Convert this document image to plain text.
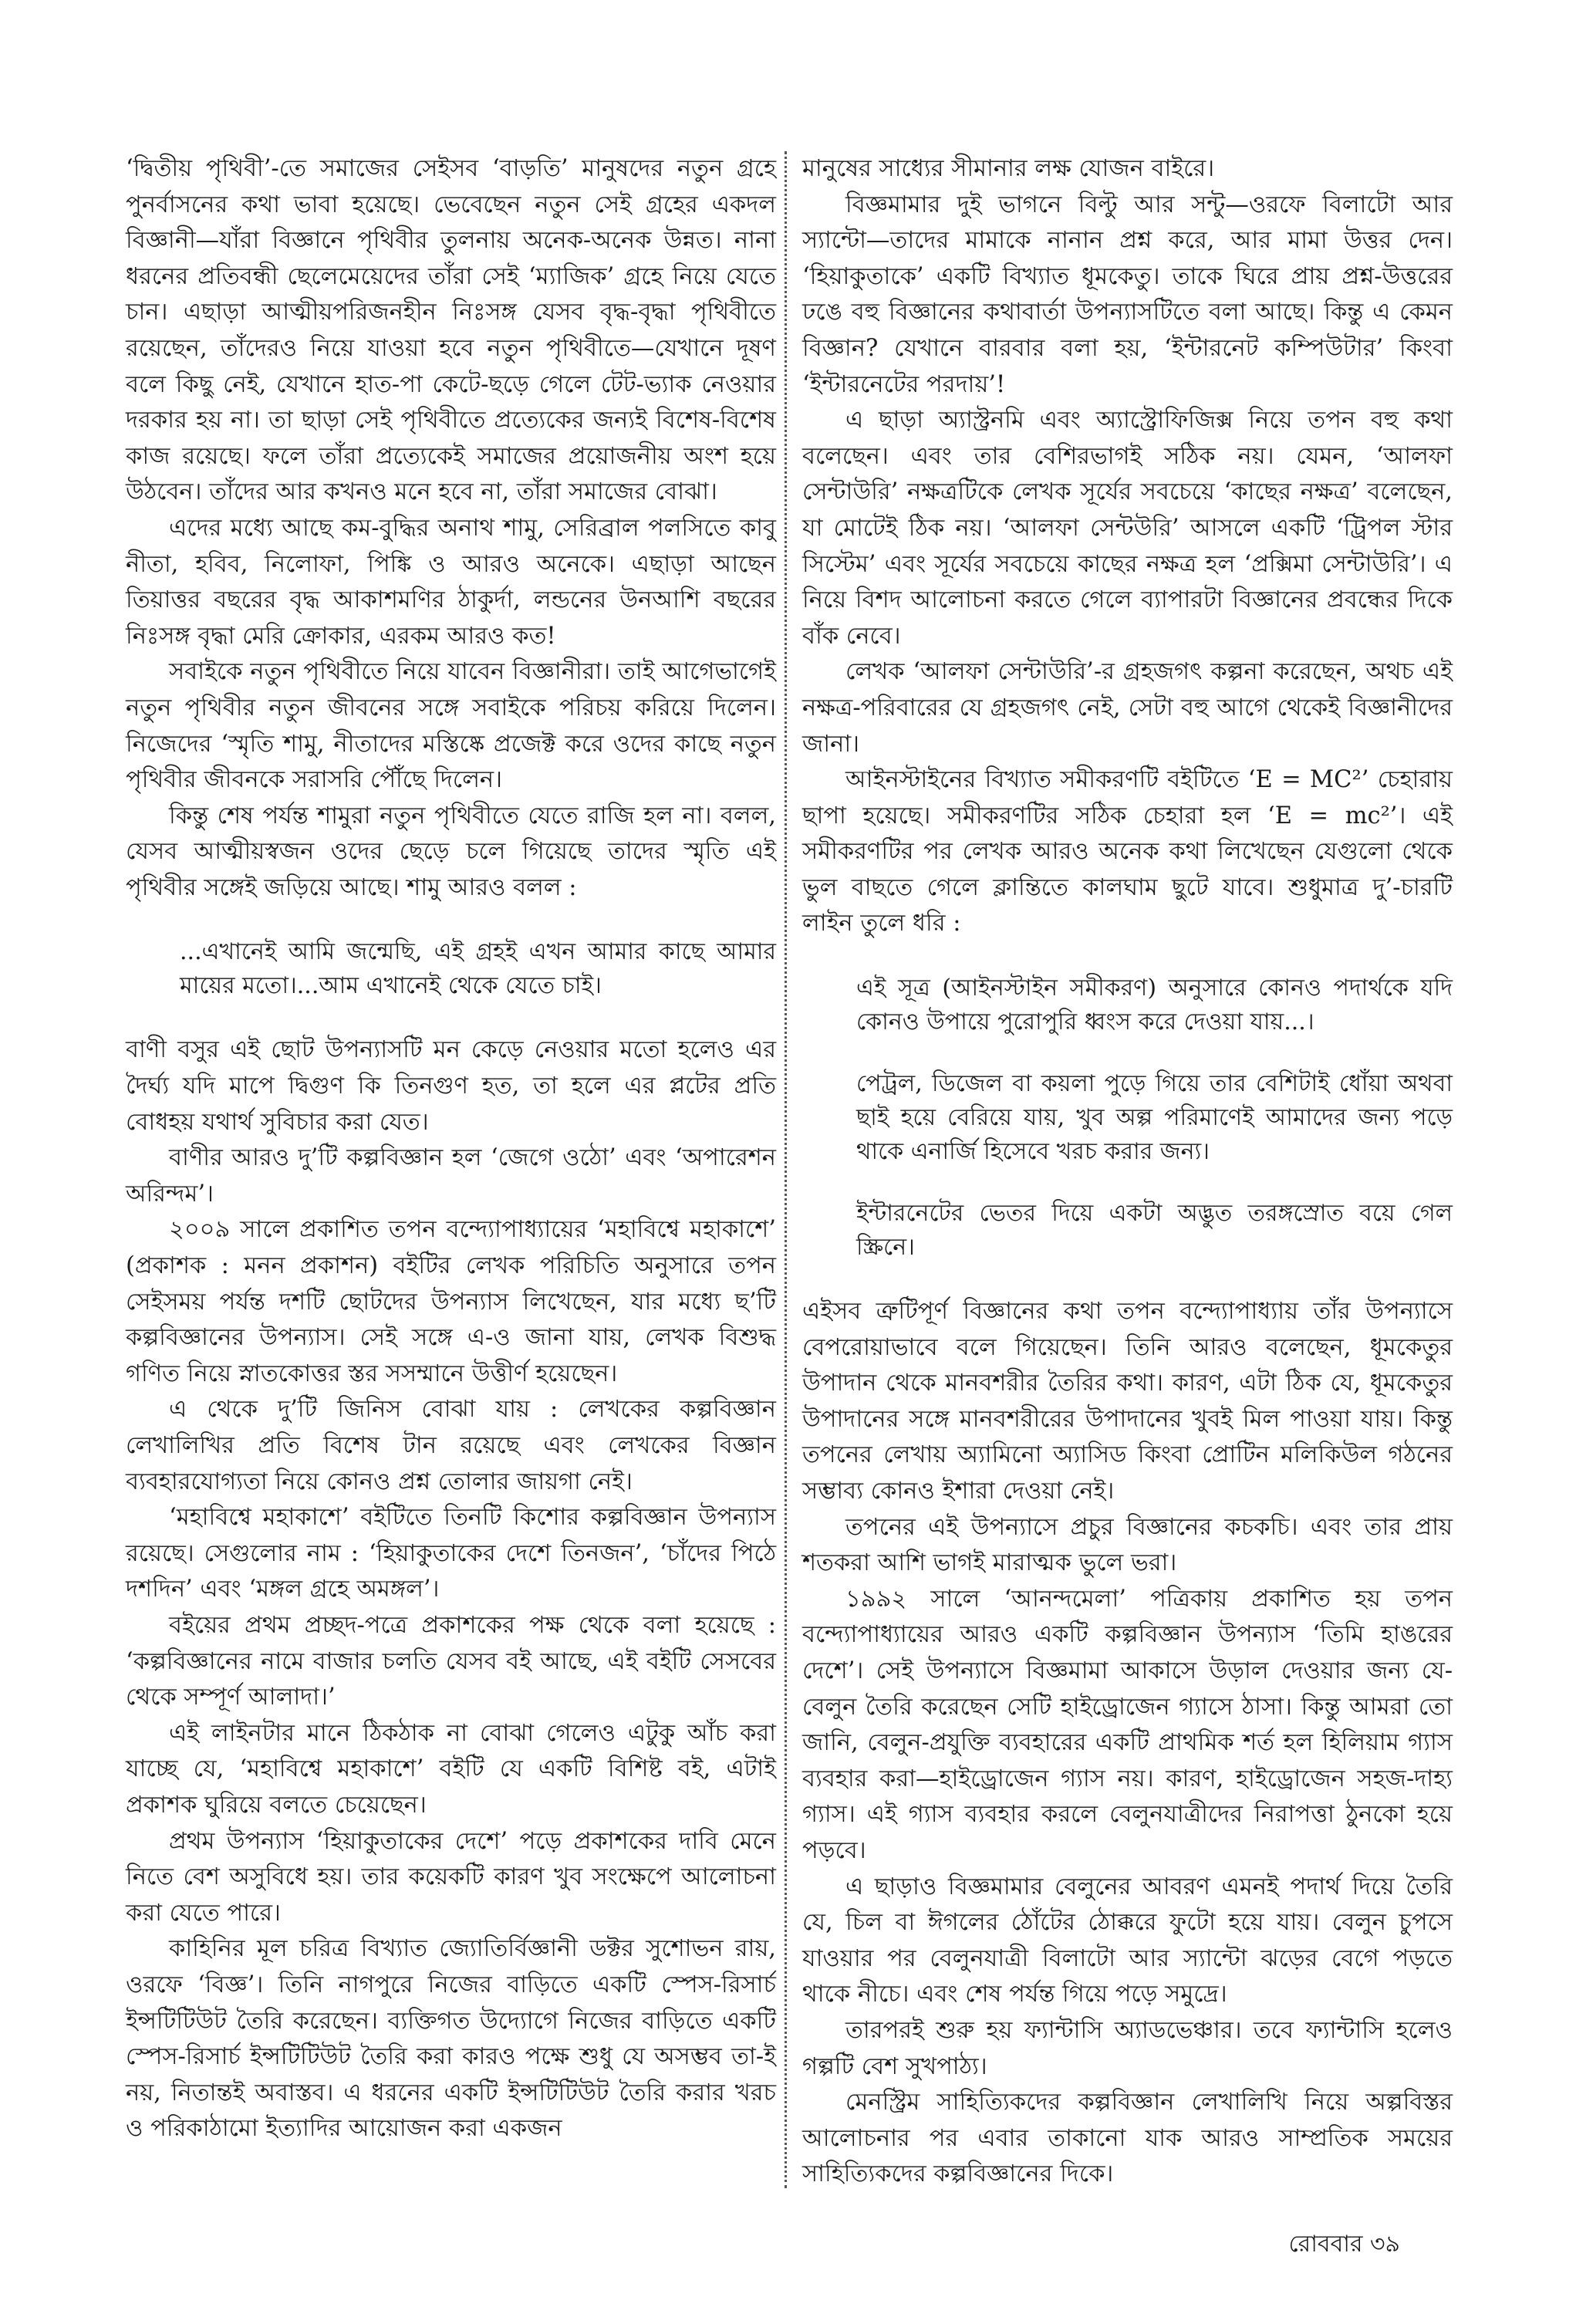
‘দ্বিতীয় পৃথিবী’-তে সমাজের সেইসব ‘বাড়তি’ মানুষদের নতুন গ্রহে পুনর্বাসনের কথা ভাবা হয়েছে। ভেবেছেন নতুন সেই গ্রহের একদল বিজ্ঞানী—যাঁরা বিজ্ঞানে পৃথিবীর তুলনায় অনেক-অনেক উন্নত। নানা ধরনের প্রতিবন্ধী ছেলেমেয়েদের তাঁরা সেই ‘ম্যাজিক’ গ্রহে নিয়ে যেতে চান। এছাড়া আত্মীয়পরিজনহীন নিঃসঙ্গ যেসব বৃদ্ধ-বৃদ্ধা পৃথিবীতে রয়েছেন, তাঁদেরও নিয়ে যাওয়া হবে নতুন পৃথিবীতে—যেখানে দূষণ বলে কিছু নেই, যেখানে হাত-পা কেটে-ছড়ে গেলে টেট-ভ্যাক নেওয়ার দরকার হয় না। তা ছাড়া সেই পৃথিবীতে প্রত্যেকের জন্যই বিশেষ-বিশেষ কাজ রয়েছে। ফলে তাঁরা প্রত্যেকেই সমাজের প্রয়োজনীয় অংশ হয়ে উঠবেন। তাঁদের আর কখনও মনে হবে না, তাঁরা সমাজের বোঝা।

এদের মধ্যে আছে কম-বুদ্ধির অনাথ শামু, সেরিব্রাল পলসিতে কাবু নীতা, হবিব, নিলোফা, পিঙ্কি ও আরও অনেকে। এছাড়া আছেন তিয়াত্তর বছরের বৃদ্ধ আকাশমণির ঠাকুর্দা, লন্ডনের উনআশি বছরের নিঃসঙ্গ বৃদ্ধা মেরি ক্রোকার, এরকম আরও কত!

সবাইকে নতুন পৃথিবীতে নিয়ে যাবেন বিজ্ঞানীরা। তাই আগেভাগেই নতুন পৃথিবীর নতুন জীবনের সঙ্গে সবাইকে পরিচয় করিয়ে দিলেন। নিজেদের ‘স্মৃতি শামু, নীতাদের মস্তিষ্কে প্রজেক্ট করে ওদের কাছে নতুন পৃথিবীর জীবনকে সরাসরি পৌঁছে দিলেন।

কিন্তু শেষ পর্যন্ত শামুরা নতুন পৃথিবীতে যেতে রাজি হল না। বলল, যেসব আত্মীয়স্বজন ওদের ছেড়ে চলে গিয়েছে তাদের স্মৃতি এই পৃথিবীর সঙ্গেই জড়িয়ে আছে। শামু আরও বলল :

...এখানেই আমি জন্মেছি, এই গ্রহই এখন আমার কাছে আমার মায়ের মতো।...আম এখানেই থেকে যেতে চাই।

বাণী বসুর এই ছোট উপন্যাসটি মন কেড়ে নেওয়ার মতো হলেও এর দৈর্ঘ্য যদি মাপে দ্বিগুণ কি তিনগুণ হত, তা হলে এর প্লটের প্রতি বোধহয় যথার্থ সুবিচার করা যেত।

বাণীর আরও দু’টি কল্পবিজ্ঞান হল ‘জেগে ওঠো’ এবং ‘অপারেশন অরিন্দম’।

২০০৯ সালে প্রকাশিত তপন বন্দ্যোপাধ্যায়ের ‘মহাবিশ্বে মহাকাশে’ (প্রকাশক : মনন প্রকাশন) বইটির লেখক পরিচিতি অনুসারে তপন সেইসময় পর্যন্ত দশটি ছোটদের উপন্যাস লিখেছেন, যার মধ্যে ছ’টি কল্পবিজ্ঞানের উপন্যাস। সেই সঙ্গে এ-ও জানা যায়, লেখক বিশুদ্ধ গণিত নিয়ে স্নাতকোত্তর স্তর সসম্মানে উত্তীর্ণ হয়েছেন।

এ থেকে দু’টি জিনিস বোঝা যায় : লেখকের কল্পবিজ্ঞান লেখালিখির প্রতি বিশেষ টান রয়েছে এবং লেখকের বিজ্ঞান ব্যবহারযোগ্যতা নিয়ে কোনও প্রশ্ন তোলার জায়গা নেই।

‘মহাবিশ্বে মহাকাশে’ বইটিতে তিনটি কিশোর কল্পবিজ্ঞান উপন্যাস রয়েছে। সেগুলোর নাম : ‘হিয়াকুতাকের দেশে তিনজন’, ‘চাঁদের পিঠে দশদিন’ এবং ‘মঙ্গল গ্রহে অমঙ্গল’।

বইয়ের প্রথম প্রচ্ছদ-পত্রে প্রকাশকের পক্ষ থেকে বলা হয়েছে : ‘কল্পবিজ্ঞানের নামে বাজার চলতি যেসব বই আছে, এই বইটি সেসবের থেকে সম্পূর্ণ আলাদা।’

এই লাইনটার মানে ঠিকঠাক না বোঝা গেলেও এটুকু আঁচ করা যাচ্ছে যে, ‘মহাবিশ্বে মহাকাশে’ বইটি যে একটি বিশিষ্ট বই, এটাই প্রকাশক ঘুরিয়ে বলতে চেয়েছেন।

প্রথম উপন্যাস ‘হিয়াকুতাকের দেশে’ পড়ে প্রকাশকের দাবি মেনে নিতে বেশ অসুবিধে হয়। তার কয়েকটি কারণ খুব সংক্ষেপে আলোচনা করা যেতে পারে।

কাহিনির মূল চরিত্র বিখ্যাত জ্যোতির্বিজ্ঞানী ডক্টর সুশোভন রায়, ওরফে ‘বিজ্ঞ’। তিনি নাগপুরে নিজের বাড়িতে একটি স্পেস-রিসার্চ ইন্সটিটিউট তৈরি করেছেন। ব্যক্তিগত উদ্যোগে নিজের বাড়িতে একটি স্পেস-রিসার্চ ইন্সটিটিউট তৈরি করা কারও পক্ষে শুধু যে অসম্ভব তা-ই নয়, নিতান্তই অবাস্তব। এ ধরনের একটি ইন্সটিটিউট তৈরি করার খরচ ও পরিকাঠামো ইত্যাদির আয়োজন করা একজন

মানুষের সাধ্যের সীমানার লক্ষ যোজন বাইরে।

বিজ্ঞমামার দুই ভাগনে বিল্টু আর সন্টু—ওরফে বিলাটো আর স্যান্টো—তাদের মামাকে নানান প্রশ্ন করে, আর মামা উত্তর দেন। ‘হিয়াকুতাকে’ একটি বিখ্যাত ধূমকেতু। তাকে ঘিরে প্রায় প্রশ্ন-উত্তরের ঢঙে বহু বিজ্ঞানের কথাবার্তা উপন্যাসটিতে বলা আছে। কিন্তু এ কেমন বিজ্ঞান? যেখানে বারবার বলা হয়, ‘ইন্টারনেট কম্পিউটার’ কিংবা ‘ইন্টারনেটের পরদায়’!

এ ছাড়া অ্যাস্ট্রনমি এবং অ্যাস্ট্রোফিজিক্স নিয়ে তপন বহু কথা বলেছেন। এবং তার বেশিরভাগই সঠিক নয়। যেমন, ‘আলফা সেন্টাউরি’ নক্ষত্রটিকে লেখক সূর্যের সবচেয়ে ‘কাছের নক্ষত্র’ বলেছেন, যা মোটেই ঠিক নয়। ‘আলফা সেন্টউরি’ আসলে একটি ‘ট্রিপল স্টার সিস্টেম’ এবং সূর্যের সবচেয়ে কাছের নক্ষত্র হল ‘প্রক্সিমা সেন্টাউরি’। এ নিয়ে বিশদ আলোচনা করতে গেলে ব্যাপারটা বিজ্ঞানের প্রবন্ধের দিকে বাঁক নেবে।

লেখক ‘আলফা সেন্টাউরি’-র গ্রহজগৎ কল্পনা করেছেন, অথচ এই নক্ষত্র-পরিবারের যে গ্রহজগৎ নেই, সেটা বহু আগে থেকেই বিজ্ঞানীদের জানা।

আইনস্টাইনের বিখ্যাত সমীকরণটি বইটিতে ‘E = MC²’ চেহারায় ছাপা হয়েছে। সমীকরণটির সঠিক চেহারা হল ‘E = mc²’। এই সমীকরণটির পর লেখক আরও অনেক কথা লিখেছেন যেগুলো থেকে ভুল বাছতে গেলে ক্লান্তিতে কালঘাম ছুটে যাবে। শুধুমাত্র দু’-চারটি লাইন তুলে ধরি :

এই সূত্র (আইনস্টাইন সমীকরণ) অনুসারে কোনও পদার্থকে যদি কোনও উপায়ে পুরোপুরি ধ্বংস করে দেওয়া যায়...।

পেট্রল, ডিজেল বা কয়লা পুড়ে গিয়ে তার বেশিটাই ধোঁয়া অথবা ছাই হয়ে বেরিয়ে যায়, খুব অল্প পরিমাণেই আমাদের জন্য পড়ে থাকে এনার্জি হিসেবে খরচ করার জন্য।

ইন্টারনেটের ভেতর দিয়ে একটা অদ্ভুত তরঙ্গস্রোত বয়ে গেল স্ক্রিনে।

এইসব ত্রুটিপূর্ণ বিজ্ঞানের কথা তপন বন্দ্যোপাধ্যায় তাঁর উপন্যাসে বেপরোয়াভাবে বলে গিয়েছেন। তিনি আরও বলেছেন, ধূমকেতুর উপাদান থেকে মানবশরীর তৈরির কথা। কারণ, এটা ঠিক যে, ধূমকেতুর উপাদানের সঙ্গে মানবশরীরের উপাদানের খুবই মিল পাওয়া যায়। কিন্তু তপনের লেখায় অ্যামিনো অ্যাসিড কিংবা প্রোটিন মলিকিউল গঠনের সম্ভাব্য কোনও ইশারা দেওয়া নেই।

তপনের এই উপন্যাসে প্রচুর বিজ্ঞানের কচকচি। এবং তার প্রায় শতকরা আশি ভাগই মারাত্মক ভুলে ভরা।

১৯৯২ সালে ‘আনন্দমেলা’ পত্রিকায় প্রকাশিত হয় তপন বন্দ্যোপাধ্যায়ের আরও একটি কল্পবিজ্ঞান উপন্যাস ‘তিমি হাঙরের দেশে’। সেই উপন্যাসে বিজ্ঞমামা আকাসে উড়াল দেওয়ার জন্য যে-বেলুন তৈরি করেছেন সেটি হাইড্রোজেন গ্যাসে ঠাসা। কিন্তু আমরা তো জানি, বেলুন-প্রযুক্তি ব্যবহারের একটি প্রাথমিক শর্ত হল হিলিয়াম গ্যাস ব্যবহার করা—হাইড্রোজেন গ্যাস নয়। কারণ, হাইড্রোজেন সহজ-দাহ্য গ্যাস। এই গ্যাস ব্যবহার করলে বেলুনযাত্রীদের নিরাপত্তা ঠুনকো হয়ে পড়বে।

এ ছাড়াও বিজ্ঞমামার বেলুনের আবরণ এমনই পদার্থ দিয়ে তৈরি যে, চিল বা ঈগলের ঠোঁটের ঠোক্করে ফুটো হয়ে যায়। বেলুন চুপসে যাওয়ার পর বেলুনযাত্রী বিলাটো আর স্যান্টো ঝড়ের বেগে পড়তে থাকে নীচে। এবং শেষ পর্যন্ত গিয়ে পড়ে সমুদ্রে।

তারপরই শুরু হয় ফ্যান্টাসি অ্যাডভেঞ্চার। তবে ফ্যান্টাসি হলেও গল্পটি বেশ সুখপাঠ্য।

মেনস্ট্রিম সাহিত্যিকদের কল্পবিজ্ঞান লেখালিখি নিয়ে অল্পবিস্তর আলোচনার পর এবার তাকানো যাক আরও সাম্প্রতিক সময়ের সাহিত্যিকদের কল্পবিজ্ঞানের দিকে।

রোববার ৩৯
